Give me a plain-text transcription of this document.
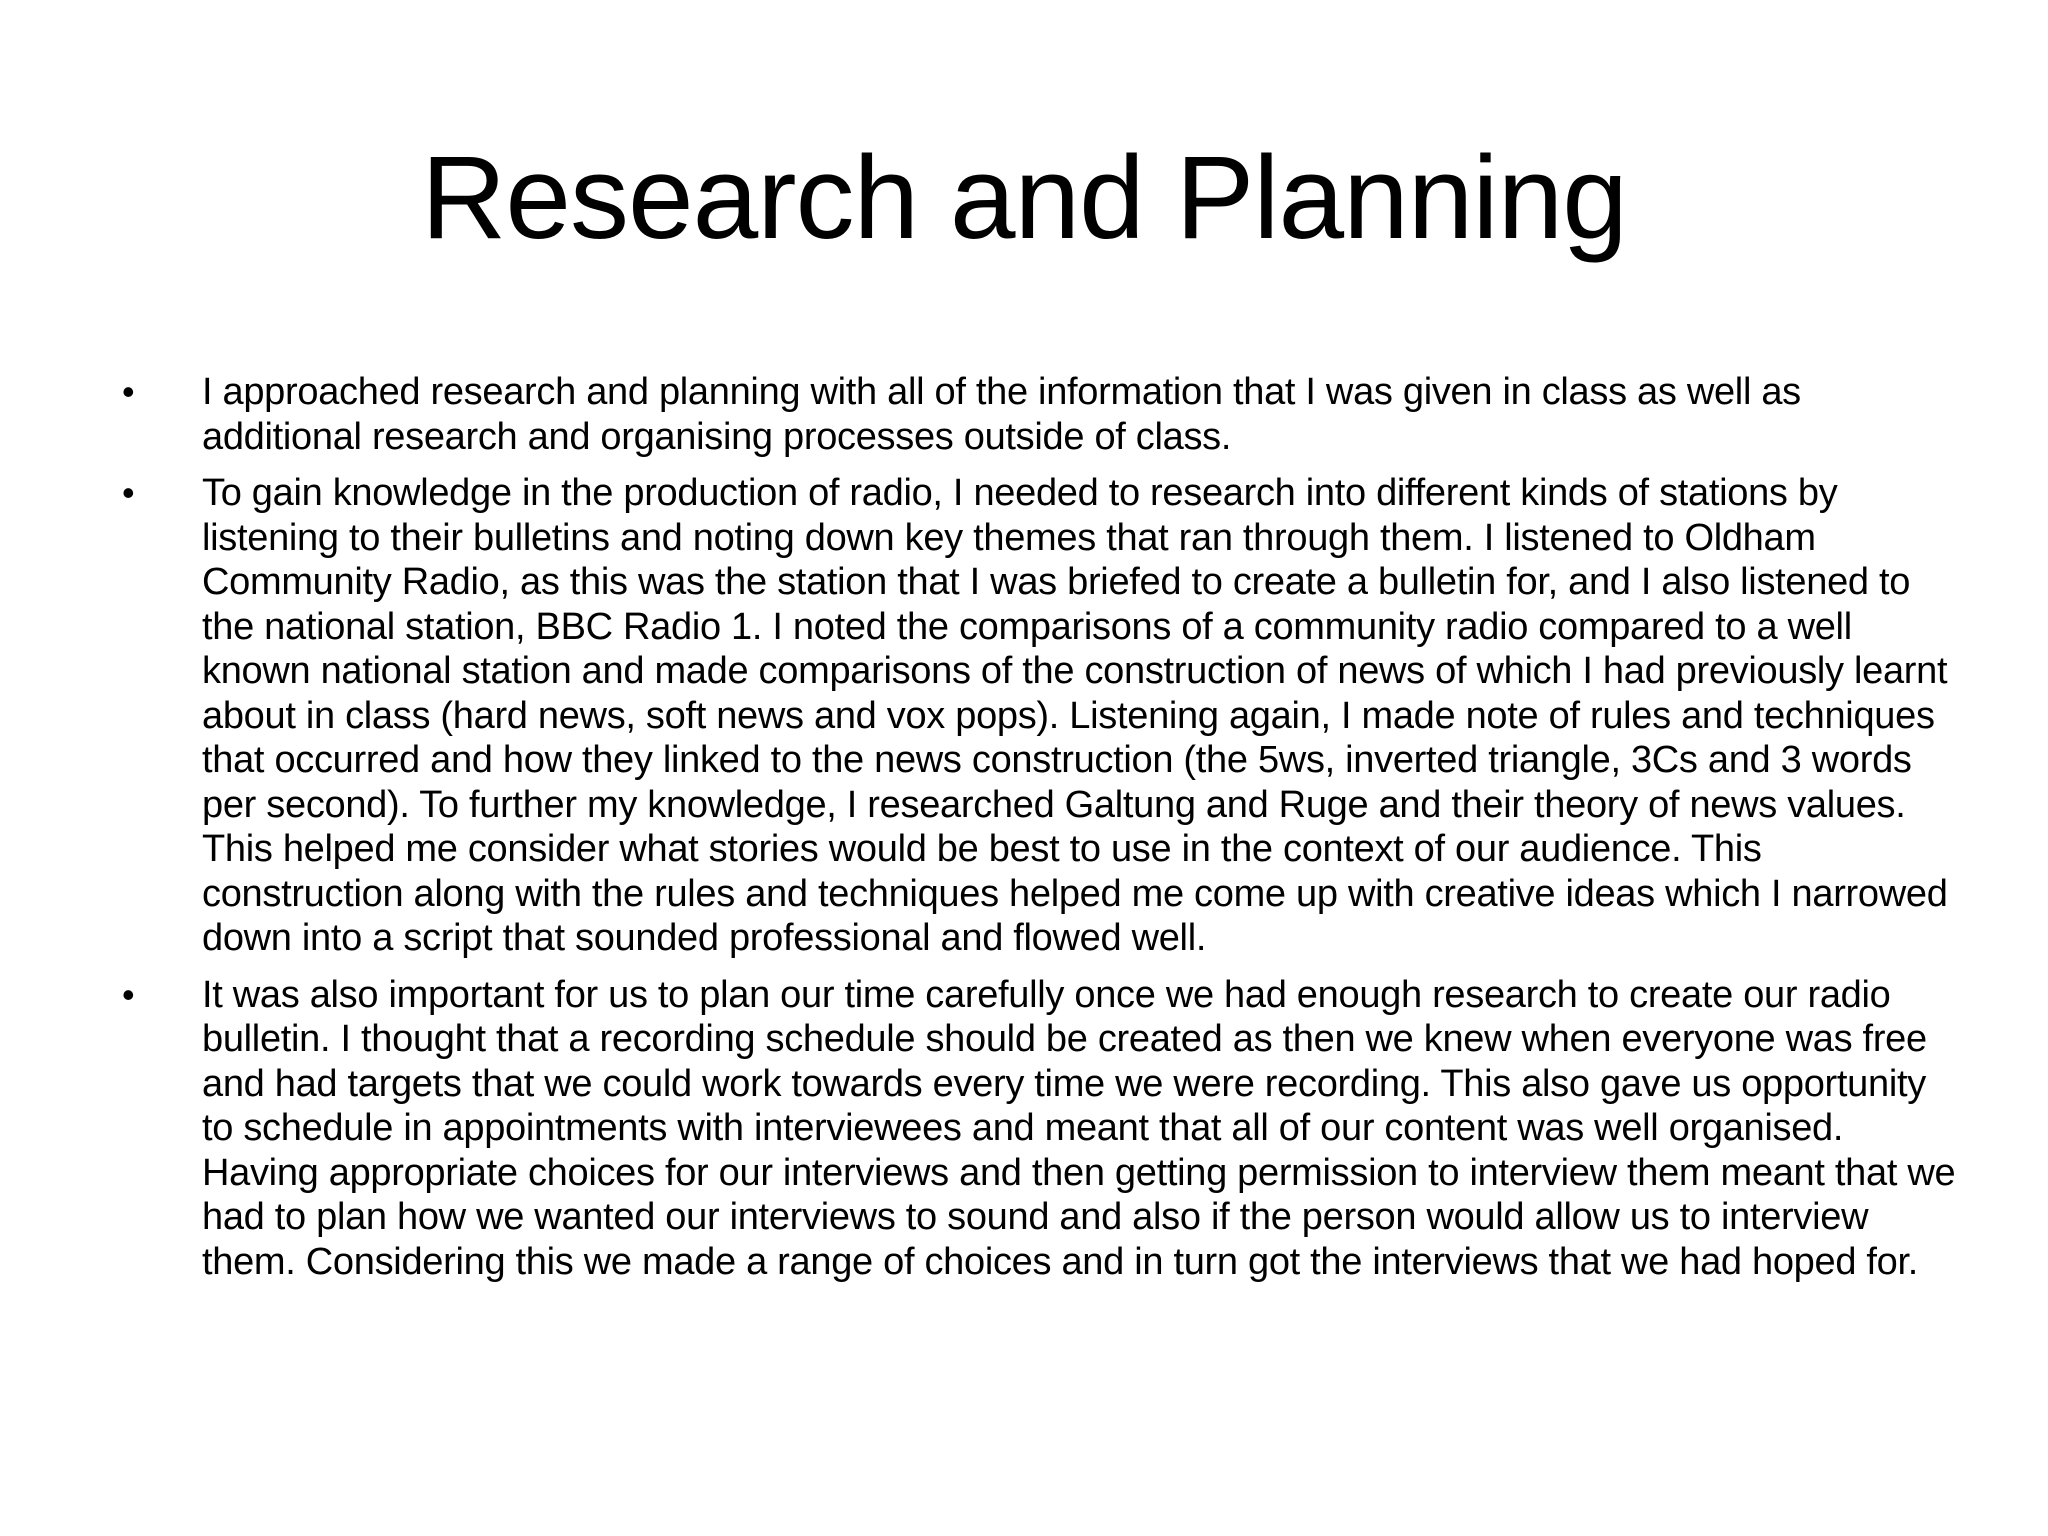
Research and Planning
• I approached research and planning with all of the information that I was given in class as well as additional research and organising processes outside of class.
• To gain knowledge in the production of radio, I needed to research into different kinds of stations by listening to their bulletins and noting down key themes that ran through them. I listened to Oldham Community Radio, as this was the station that I was briefed to create a bulletin for, and I also listened to the national station, BBC Radio 1. I noted the comparisons of a community radio compared to a well known national station and made comparisons of the construction of news of which I had previously learnt about in class (hard news, soft news and vox pops). Listening again, I made note of rules and techniques that occurred and how they linked to the news construction (the 5ws, inverted triangle, 3Cs and 3 words per second). To further my knowledge, I researched Galtung and Ruge and their theory of news values. This helped me consider what stories would be best to use in the context of our audience. This construction along with the rules and techniques helped me come up with creative ideas which I narrowed down into a script that sounded professional and flowed well.
• It was also important for us to plan our time carefully once we had enough research to create our radio bulletin. I thought that a recording schedule should be created as then we knew when everyone was free and had targets that we could work towards every time we were recording. This also gave us opportunity to schedule in appointments with interviewees and meant that all of our content was well organised. Having appropriate choices for our interviews and then getting permission to interview them meant that we had to plan how we wanted our interviews to sound and also if the person would allow us to interview them. Considering this we made a range of choices and in turn got the interviews that we had hoped for.
